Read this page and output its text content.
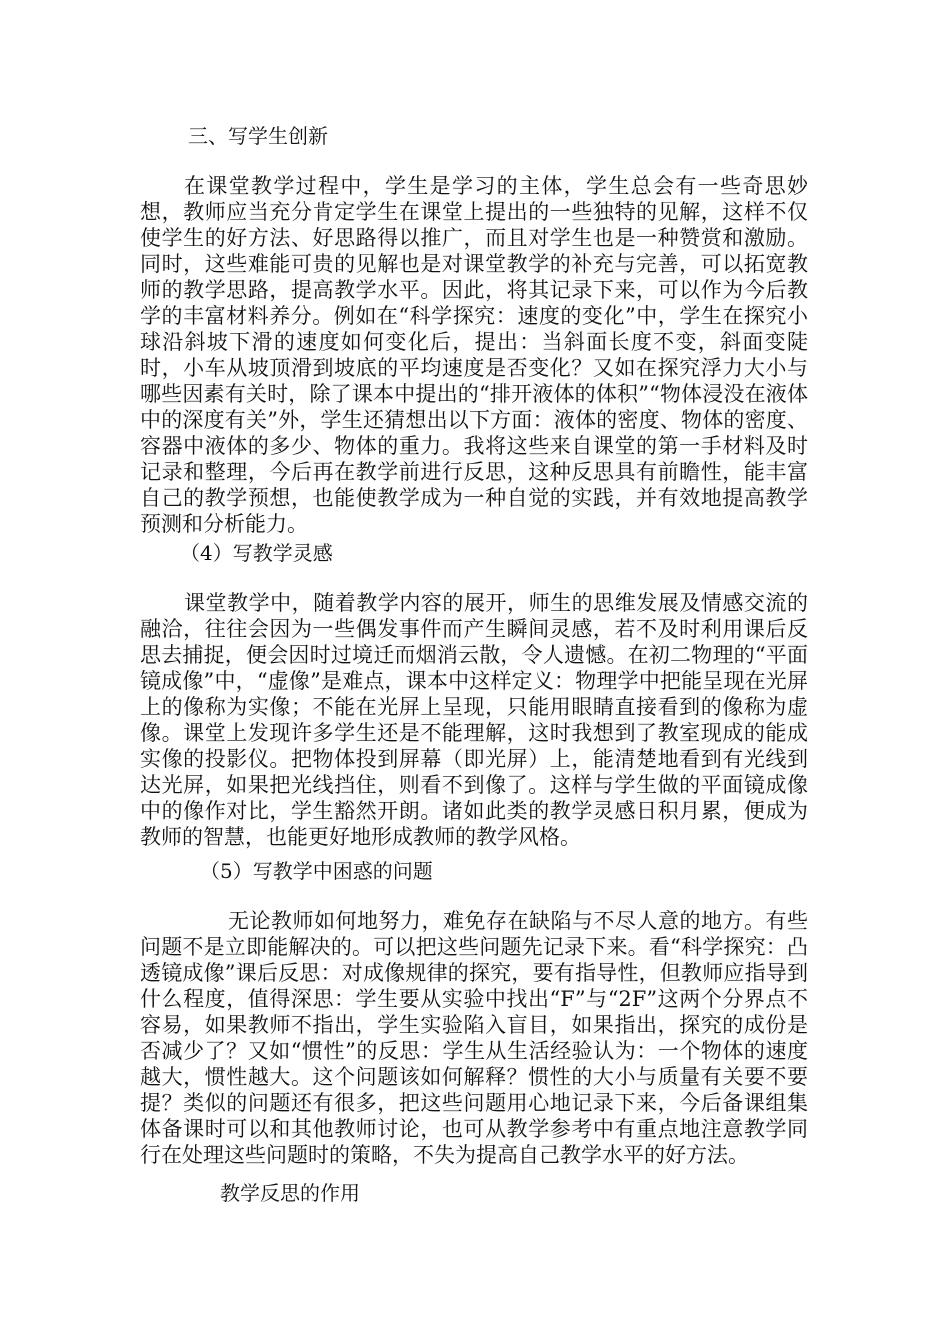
三、写学生创新

在课堂教学过程中，学生是学习的主体，学生总会有一些奇思妙想，教师应当充分肯定学生在课堂上提出的一些独特的见解，这样不仅使学生的好方法、好思路得以推广，而且对学生也是一种赞赏和激励。同时，这些难能可贵的见解也是对课堂教学的补充与完善，可以拓宽教师的教学思路，提高教学水平。因此，将其记录下来，可以作为今后教学的丰富材料养分。例如在“科学探究：速度的变化”中，学生在探究小球沿斜坡下滑的速度如何变化后，提出：当斜面长度不变，斜面变陡时，小车从坡顶滑到坡底的平均速度是否变化？又如在探究浮力大小与哪些因素有关时，除了课本中提出的“排开液体的体积”“物体浸没在液体中的深度有关”外，学生还猜想出以下方面：液体的密度、物体的密度、容器中液体的多少、物体的重力。我将这些来自课堂的第一手材料及时记录和整理，今后再在教学前进行反思，这种反思具有前瞻性，能丰富自己的教学预想，也能使教学成为一种自觉的实践，并有效地提高教学预测和分析能力。

（4）写教学灵感

课堂教学中，随着教学内容的展开，师生的思维发展及情感交流的融洽，往往会因为一些偶发事件而产生瞬间灵感，若不及时利用课后反思去捕捉，便会因时过境迁而烟消云散，令人遗憾。在初二物理的“平面镜成像”中，“虚像”是难点，课本中这样定义：物理学中把能呈现在光屏上的像称为实像；不能在光屏上呈现，只能用眼睛直接看到的像称为虚像。课堂上发现许多学生还是不能理解，这时我想到了教室现成的能成实像的投影仪。把物体投到屏幕（即光屏）上，能清楚地看到有光线到达光屏，如果把光线挡住，则看不到像了。这样与学生做的平面镜成像中的像作对比，学生豁然开朗。诸如此类的教学灵感日积月累，便成为教师的智慧，也能更好地形成教师的教学风格。

（5）写教学中困惑的问题

无论教师如何地努力，难免存在缺陷与不尽人意的地方。有些问题不是立即能解决的。可以把这些问题先记录下来。看“科学探究：凸透镜成像”课后反思：对成像规律的探究，要有指导性，但教师应指导到什么程度，值得深思：学生要从实验中找出“F”与“2F”这两个分界点不容易，如果教师不指出，学生实验陷入盲目，如果指出，探究的成份是否减少了？又如“惯性”的反思：学生从生活经验认为：一个物体的速度越大，惯性越大。这个问题该如何解释？惯性的大小与质量有关要不要提？类似的问题还有很多，把这些问题用心地记录下来，今后备课组集体备课时可以和其他教师讨论，也可从教学参考中有重点地注意教学同行在处理这些问题时的策略，不失为提高自己教学水平的好方法。

教学反思的作用
